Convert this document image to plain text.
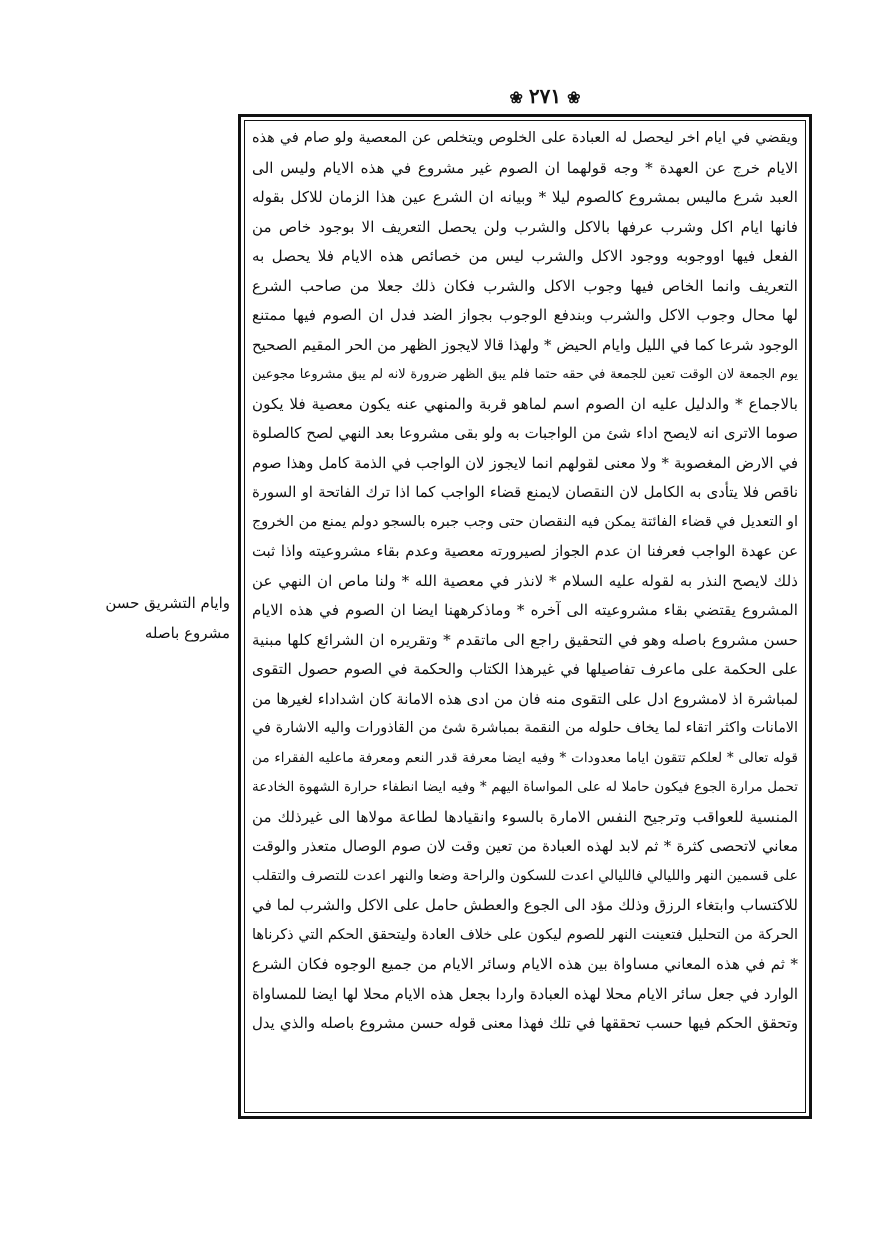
❀٢٧١❀
ويقضي في ايام اخر ليحصل له العبادة على الخلوص ويتخلص عن المعصية ولو صام في هذه
الايام خرج عن العهدة * وجه قولهما ان الصوم غير مشروع في هذه الايام وليس الى
العبد شرع ماليس بمشروع كالصوم ليلا * وبيانه ان الشرع عين هذا الزمان للاكل بقوله
فانها ايام اكل وشرب عرفها بالاكل والشرب ولن يحصل التعريف الا بوجود خاص من
الفعل فيها اووجوبه ووجود الاكل والشرب ليس من خصائص هذه الايام فلا يحصل به
التعريف وانما الخاص فيها وجوب الاكل والشرب فكان ذلك جعلا من صاحب الشرع
لها محال وجوب الاكل والشرب وبندفع الوجوب بجواز الضد فدل ان الصوم فيها ممتنع
الوجود شرعا كما في الليل وايام الحيض * ولهذا قالا لايجوز الظهر من الحر المقيم الصحيح
يوم الجمعة لان الوقت تعين للجمعة في حقه حتما فلم يبق الظهر ضرورة لانه لم يبق مشروعا مجوعين
بالاجماع * والدليل عليه ان الصوم اسم لماهو قربة والمنهي عنه يكون معصية فلا يكون
صوما الاترى انه لايصح اداء شئ من الواجبات به ولو بقى مشروعا بعد النهي لصح كالصلوة
في الارض المغصوبة * ولا معنى لقولهم انما لايجوز لان الواجب في الذمة كامل وهذا صوم
ناقص فلا يتأدى به الكامل لان النقصان لايمنع قضاء الواجب كما اذا ترك الفاتحة او السورة
او التعديل في قضاء الفائتة يمكن فيه النقصان حتى وجب جبره بالسجو دولم يمنع من الخروج
عن عهدة الواجب فعرفنا ان عدم الجواز لصيرورته معصية وعدم بقاء مشروعيته واذا ثبت
ذلك لايصح النذر به لقوله عليه السلام * لانذر في معصية الله * ولنا ماص ان النهي عن
المشروع يقتضي بقاء مشروعيته الى آخره * وماذكرههنا ايضا ان الصوم في هذه الايام
حسن مشروع باصله وهو في التحقيق راجع الى ماتقدم * وتقريره ان الشرائع كلها مبنية
على الحكمة على ماعرف تفاصيلها في غيرهذا الكتاب والحكمة في الصوم حصول التقوى
لمباشرة اذ لامشروع ادل على التقوى منه فان من ادى هذه الامانة كان اشداداء لغيرها من
الامانات واكثر اتقاء لما يخاف حلوله من النقمة بمباشرة شئ من القاذورات واليه الاشارة في
قوله تعالى * لعلكم تتقون اياما معدودات * وفيه ايضا معرفة قدر النعم ومعرفة ماعليه الفقراء من
تحمل مرارة الجوع فيكون حاملا له على المواساة اليهم * وفيه ايضا انطفاء حرارة الشهوة الخادعة
المنسية للعواقب وترجيح النفس الامارة بالسوء وانقيادها لطاعة مولاها الى غيرذلك من
معاني لاتحصى كثرة * ثم لابد لهذه العبادة من تعين وقت لان صوم الوصال متعذر والوقت
على قسمين النهر والليالي فالليالي اعدت للسكون والراحة وضعا والنهر اعدت للتصرف والتقلب
للاكتساب وابتغاء الرزق وذلك مؤد الى الجوع والعطش حامل على الاكل والشرب لما في
الحركة من التحليل فتعينت النهر للصوم ليكون على خلاف العادة وليتحقق الحكم التي ذكرناها
* ثم في هذه المعاني مساواة بين هذه الايام وسائر الايام من جميع الوجوه فكان الشرع
الوارد في جعل سائر الايام محلا لهذه العبادة واردا بجعل هذه الايام محلا لها ايضا للمساواة
وتحقق الحكم فيها حسب تحققها في تلك فهذا معنى قوله حسن مشروع باصله والذي يدل
وايام التشريق حسن
مشروع باصله
